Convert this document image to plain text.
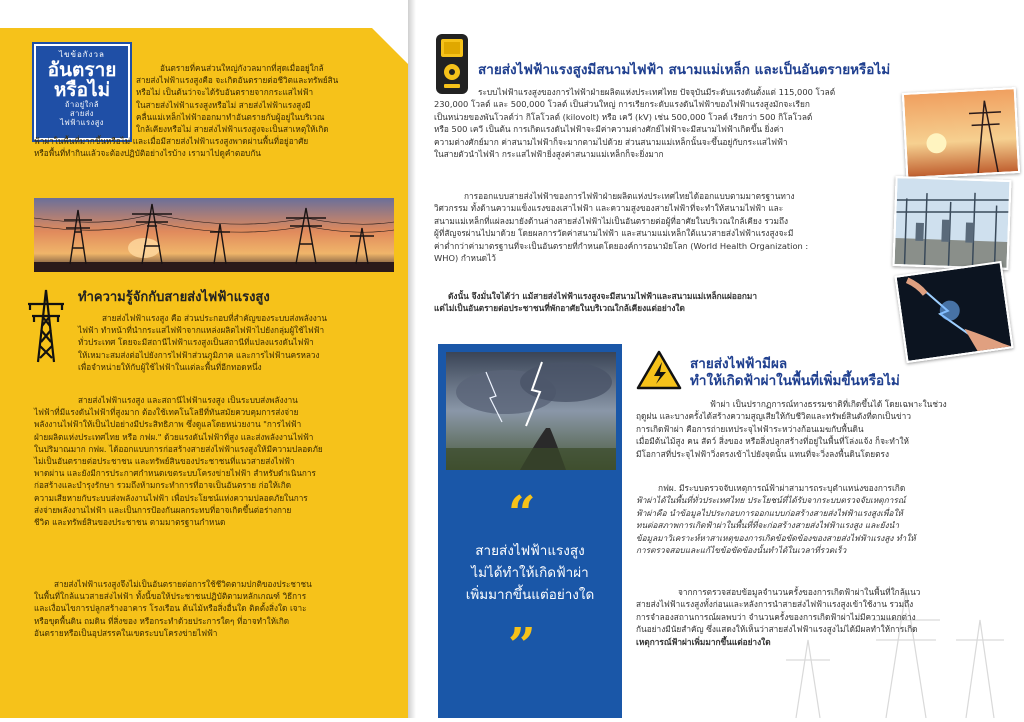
ไขข้อกังวล
อันตราย
หรือไม่
ถ้าอยู่ใกล้
สายส่ง
ไฟฟ้าแรงสูง
อันตรายที่คนส่วนใหญ่กังวลมากที่สุดเมื่ออยู่ใกล้
สายส่งไฟฟ้าแรงสูงคือ จะเกิดอันตรายต่อชีวิตและทรัพย์สิน
หรือไม่ เป็นต้นว่าจะได้รับอันตรายจากกระแสไฟฟ้า
ในสายส่งไฟฟ้าแรงสูงหรือไม่ สายส่งไฟฟ้าแรงสูงมี
คลื่นแม่เหล็กไฟฟ้าออกมาทำอันตรายกับผู้อยู่ในบริเวณ
ใกล้เคียงหรือไม่ สายส่งไฟฟ้าแรงสูงจะเป็นสาเหตุให้เกิด
ฟ้าผ่าในพื้นที่มากขึ้นหรือไม่ และเมื่อมีสายส่งไฟฟ้าแรงสูงพาดผ่านพื้นที่อยู่อาศัย
หรือพื้นที่ทำกินแล้วจะต้องปฏิบัติอย่างไรบ้าง เรามาไปดูคำตอบกัน
ทำความรู้จักกับสายส่งไฟฟ้าแรงสูง
สายส่งไฟฟ้าแรงสูง คือ ส่วนประกอบที่สำคัญของระบบส่งพลังงาน
ไฟฟ้า ทำหน้าที่นำกระแสไฟฟ้าจากแหล่งผลิตไฟฟ้าไปยังกลุ่มผู้ใช้ไฟฟ้า
ทั่วประเทศ โดยจะมีสถานีไฟฟ้าแรงสูงเป็นสถานีที่แปลงแรงดันไฟฟ้า
ให้เหมาะสมส่งต่อไปยังการไฟฟ้าส่วนภูมิภาค และการไฟฟ้านครหลวง
เพื่อจำหน่ายให้กับผู้ใช้ไฟฟ้าในแต่ละพื้นที่อีกทอดหนึ่ง
สายส่งไฟฟ้าแรงสูง และสถานีไฟฟ้าแรงสูง เป็นระบบส่งพลังงาน
ไฟฟ้าที่มีแรงดันไฟฟ้าที่สูงมาก ต้องใช้เทคโนโลยีที่ทันสมัยควบคุมการส่งจ่าย
พลังงานไฟฟ้าให้เป็นไปอย่างมีประสิทธิภาพ ซึ่งดูแลโดยหน่วยงาน "การไฟฟ้า
ฝ่ายผลิตแห่งประเทศไทย หรือ กฟผ." ด้วยแรงดันไฟฟ้าที่สูง และส่งพลังงานไฟฟ้า
ในปริมาณมาก กฟผ. ได้ออกแบบการก่อสร้างสายส่งไฟฟ้าแรงสูงให้มีความปลอดภัย
ไม่เป็นอันตรายต่อประชาชน และทรัพย์สินของประชาชนที่แนวสายส่งไฟฟ้า
พาดผ่าน และยังมีการประกาศกำหนดเขตระบบโครงข่ายไฟฟ้า สำหรับดำเนินการ
ก่อสร้างและบำรุงรักษา รวมถึงห้ามกระทำการที่อาจเป็นอันตราย ก่อให้เกิด
ความเสียหายกับระบบส่งพลังงานไฟฟ้า เพื่อประโยชน์แห่งความปลอดภัยในการ
ส่งจ่ายพลังงานไฟฟ้า และเป็นการป้องกันผลกระทบที่อาจเกิดขึ้นต่อร่างกาย
ชีวิต และทรัพย์สินของประชาชน ตามมาตรฐานกำหนด
สายส่งไฟฟ้าแรงสูงจึงไม่เป็นอันตรายต่อการใช้ชีวิตตามปกติของประชาชน
ในพื้นที่ใกล้แนวสายส่งไฟฟ้า ทั้งนี้ขอให้ประชาชนปฏิบัติตามหลักเกณฑ์ วิธีการ
และเงื่อนไขการปลูกสร้างอาคาร โรงเรือน ต้นไม้หรือสิ่งอื่นใด ติดตั้งสิ่งใด เจาะ
หรือขุดพื้นดิน ถมดิน ที่สิ่งของ หรือกระทำด้วยประการใดๆ ที่อาจทำให้เกิด
อันตรายหรือเป็นอุปสรรคในเขตระบบโครงข่ายไฟฟ้า
สายส่งไฟฟ้าแรงสูงมีสนามไฟฟ้า สนามแม่เหล็ก และเป็นอันตรายหรือไม่
ระบบไฟฟ้าแรงสูงของการไฟฟ้าฝ่ายผลิตแห่งประเทศไทย ปัจจุบันมีระดับแรงดันตั้งแต่ 115,000 โวลต์
230,000 โวลต์ และ 500,000 โวลต์ เป็นส่วนใหญ่ การเรียกระดับแรงดันไฟฟ้าของไฟฟ้าแรงสูงมักจะเรียก
เป็นหน่วยของพันโวลต์ว่า กิโลโวลต์ (kilovolt) หรือ เควี (kV) เช่น 500,000 โวลต์ เรียกว่า 500 กิโลโวลต์
หรือ 500 เควี เป็นต้น การเกิดแรงดันไฟฟ้าจะมีค่าความต่างศักย์ไฟฟ้าจะมีสนามไฟฟ้าเกิดขึ้น ยิ่งค่า
ความต่างศักย์มาก ค่าสนามไฟฟ้าก็จะมากตามไปด้วย ส่วนสนามแม่เหล็กนั้นจะขึ้นอยู่กับกระแสไฟฟ้า
ในสายตัวนำไฟฟ้า กระแสไฟฟ้ายิ่งสูงค่าสนามแม่เหล็กก็จะยิ่งมาก
การออกแบบสายส่งไฟฟ้าของการไฟฟ้าฝ่ายผลิตแห่งประเทศไทยได้ออกแบบตามมาตรฐานทาง
วิศวกรรม ทั้งด้านความแข็งแรงของเสาไฟฟ้า และความสูงของสายไฟฟ้าที่จะทำให้สนามไฟฟ้า และ
สนามแม่เหล็กที่แผ่ลงมายังด้านล่างสายส่งไฟฟ้าไม่เป็นอันตรายต่อผู้ที่อาศัยในบริเวณใกล้เคียง รวมถึง
ผู้ที่สัญจรผ่านไปมาด้วย โดยผลการวัดค่าสนามไฟฟ้า และสนามแม่เหล็กใต้แนวสายส่งไฟฟ้าแรงสูงจะมี
ค่าต่ำกว่าค่ามาตรฐานที่จะเป็นอันตรายที่กำหนดโดยองค์การอนามัยโลก (World Health Organization :
WHO) กำหนดไว้
ดังนั้น จึงมั่นใจได้ว่า แม้สายส่งไฟฟ้าแรงสูงจะมีสนามไฟฟ้าและสนามแม่เหล็กแผ่ออกมา
แต่ไม่เป็นอันตรายต่อประชาชนที่พักอาศัยในบริเวณใกล้เคียงแต่อย่างใด
“
สายส่งไฟฟ้าแรงสูง
ไม่ได้ทำให้เกิดฟ้าผ่า
เพิ่มมากขึ้นแต่อย่างใด
”
สายส่งไฟฟ้ามีผล
ทำให้เกิดฟ้าผ่าในพื้นที่เพิ่มขึ้นหรือไม่
ฟ้าผ่า เป็นปรากฏการณ์ทางธรรมชาติที่เกิดขึ้นได้ โดยเฉพาะในช่วง
ฤดูฝน และบางครั้งได้สร้างความสูญเสียให้กับชีวิตและทรัพย์สินดังที่ตกเป็นข่าว
การเกิดฟ้าผ่า คือการถ่ายเทประจุไฟฟ้าระหว่างก้อนเมฆกับพื้นดิน
เมื่อมีต้นไม้สูง คน สัตว์ สิ่งของ หรือสิ่งปลูกสร้างที่อยู่ในพื้นที่โล่งแจ้ง ก็จะทำให้
มีโอกาสที่ประจุไฟฟ้าวิ่งตรงเข้าไปยังจุดนั้น แทนที่จะวิ่งลงพื้นดินโดยตรง
กฟผ. มีระบบตรวจจับเหตุการณ์ฟ้าผ่าสามารถระบุตำแหน่งของการเกิด
ฟ้าผ่าได้ในพื้นที่ทั่วประเทศไทย ประโยชน์ที่ได้รับจากระบบตรวจจับเหตุการณ์
ฟ้าผ่าคือ นำข้อมูลไปประกอบการออกแบบก่อสร้างสายส่งไฟฟ้าแรงสูงเพื่อให้
ทนต่อสภาพการเกิดฟ้าผ่าในพื้นที่ที่จะก่อสร้างสายส่งไฟฟ้าแรงสูง และยังนำ
ข้อมูลมาวิเคราะห์หาสาเหตุของการเกิดข้อขัดข้องของสายส่งไฟฟ้าแรงสูง ทำให้
การตรวจสอบและแก้ไขข้อขัดข้องนั้นทำได้ในเวลาที่รวดเร็ว
จากการตรวจสอบข้อมูลจำนวนครั้งของการเกิดฟ้าผ่าในพื้นที่ใกล้แนว
สายส่งไฟฟ้าแรงสูงทั้งก่อนและหลังการนำสายส่งไฟฟ้าแรงสูงเข้าใช้งาน รวมถึง
การจำลองสถานการณ์ผลพบว่า จำนวนครั้งของการเกิดฟ้าผ่าไม่มีความแตกต่าง
กันอย่างมีนัยสำคัญ ซึ่งแสดงให้เห็นว่าสายส่งไฟฟ้าแรงสูงไม่ได้มีผลทำให้การเกิด
เหตุการณ์ฟ้าผ่าเพิ่มมากขึ้นแต่อย่างใด
